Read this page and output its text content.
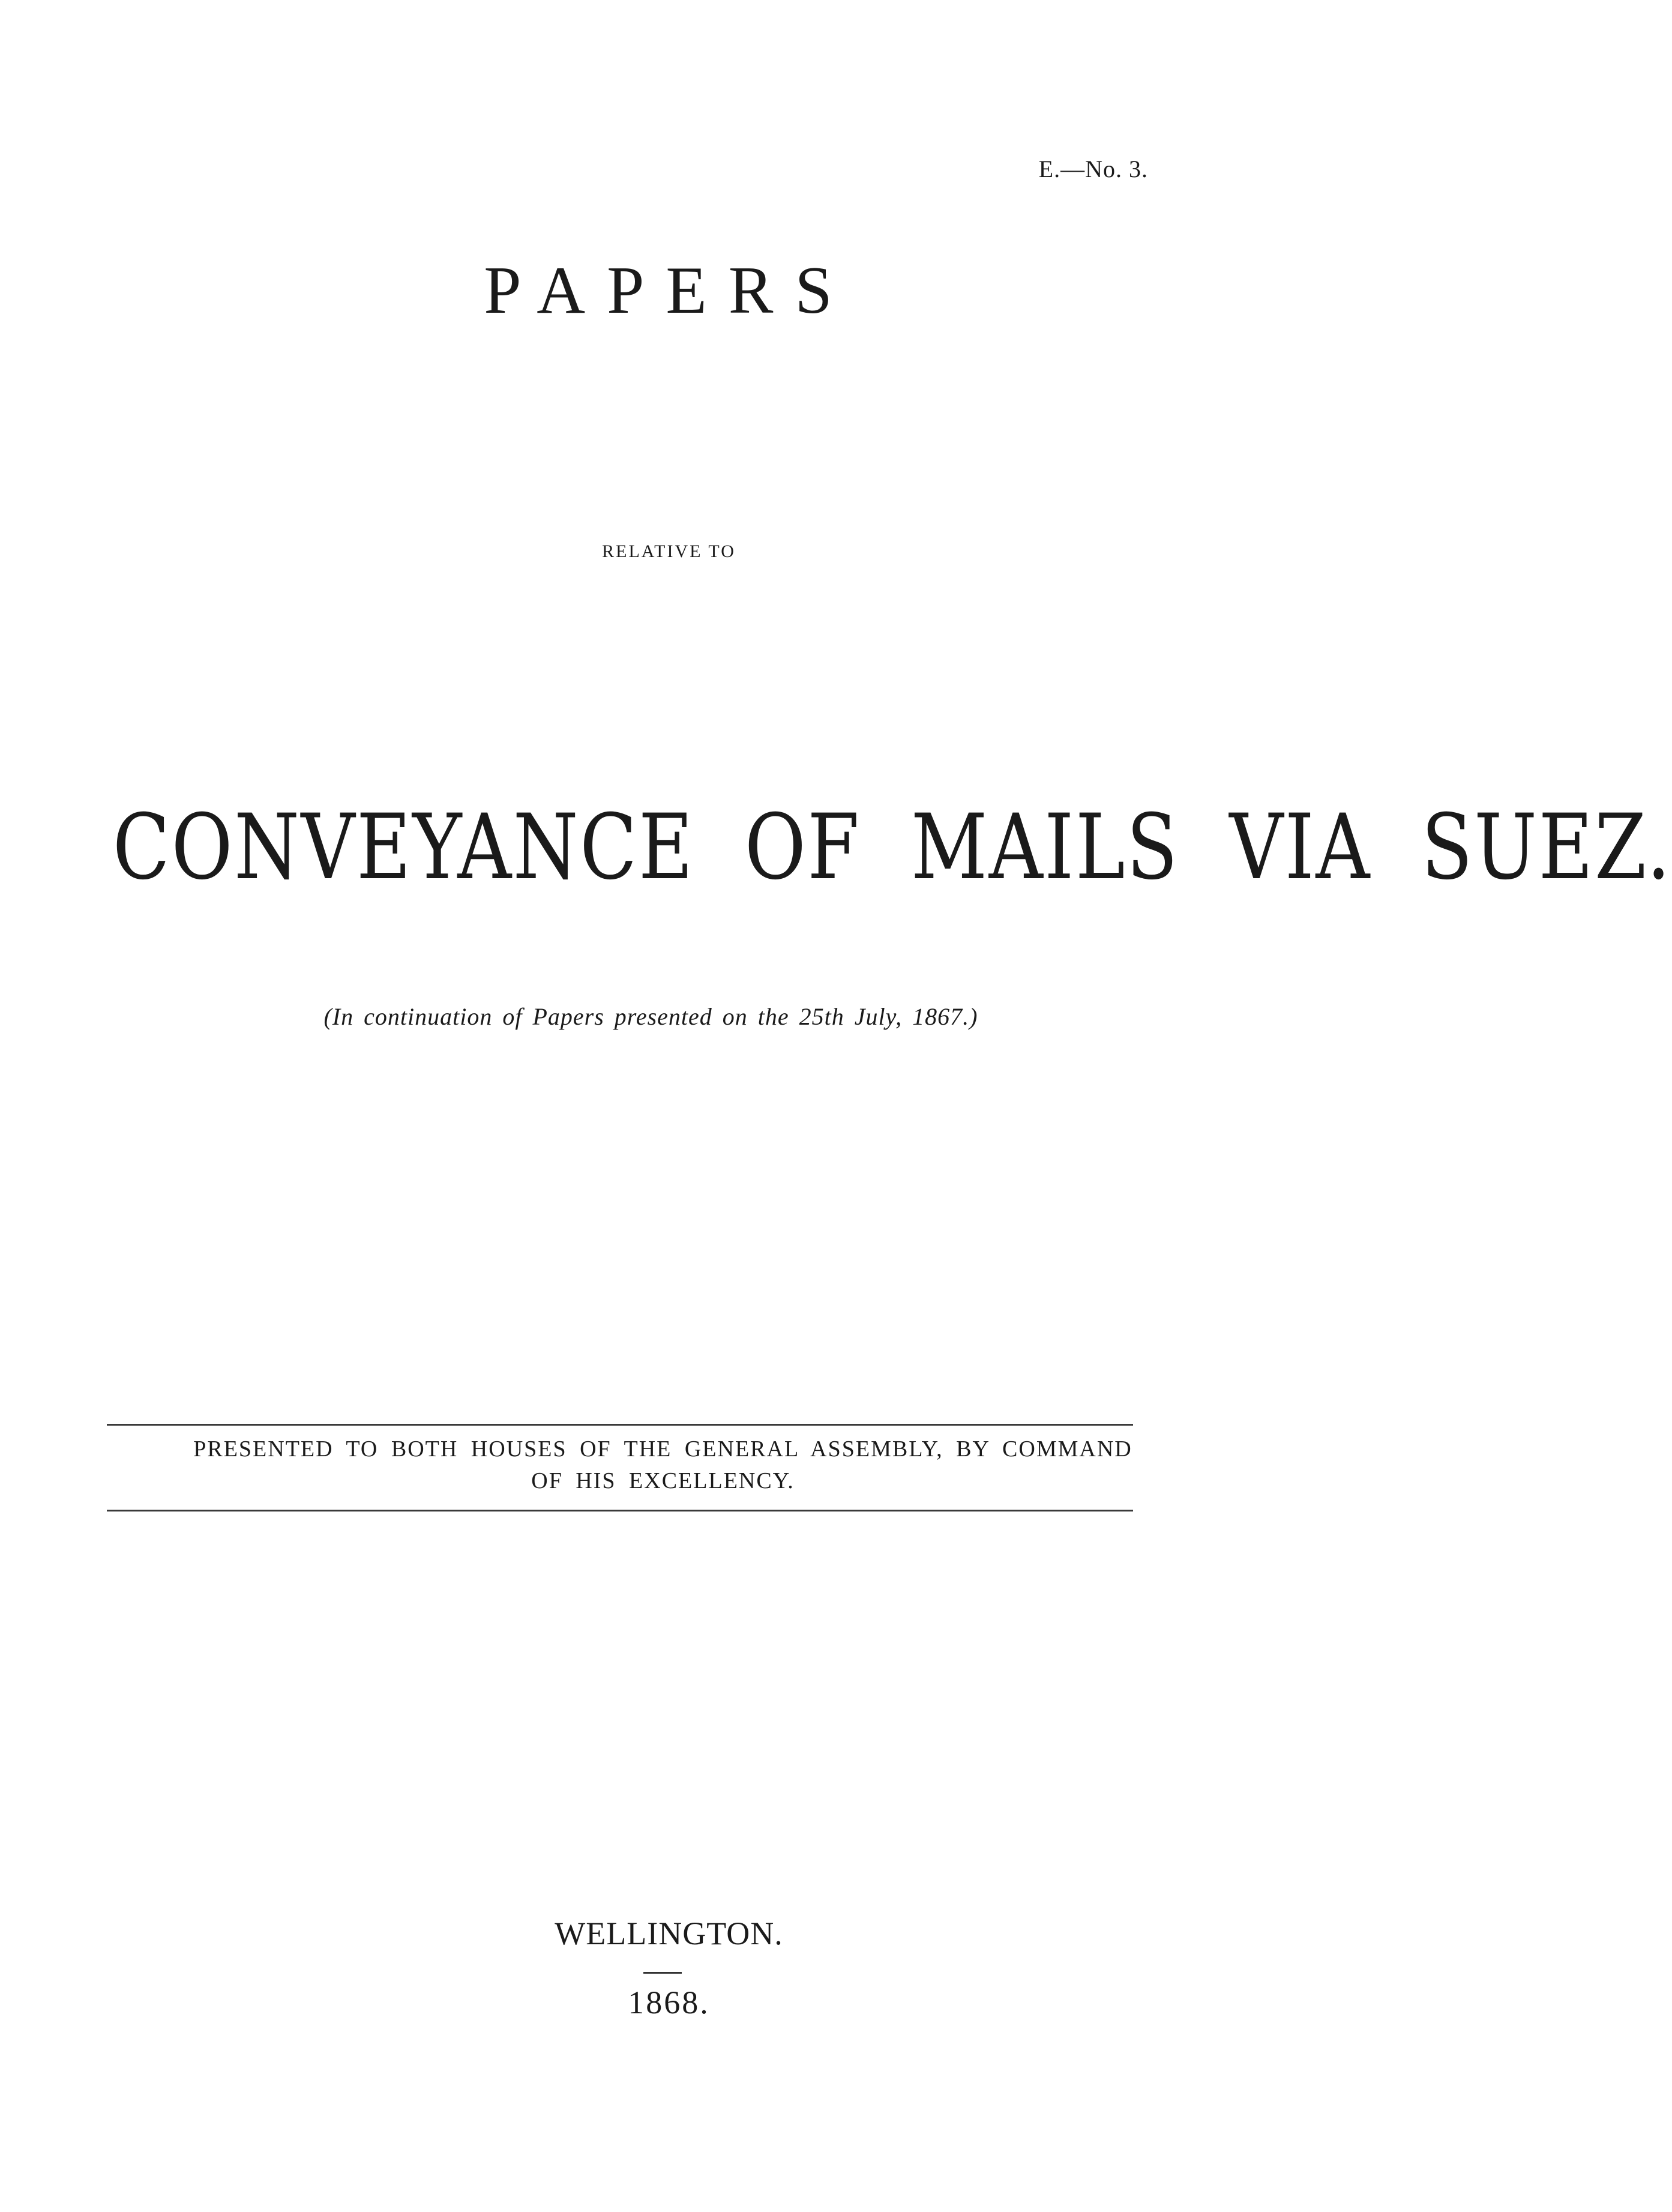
E.—No. 3.
PAPERS
RELATIVE TO
CONVEYANCE OF MAILS VIA SUEZ.
(In continuation of Papers presented on the 25th July, 1867.)
PRESENTED TO BOTH HOUSES OF THE GENERAL ASSEMBLY, BY COMMAND
OF HIS EXCELLENCY.
WELLINGTON.
1868.
